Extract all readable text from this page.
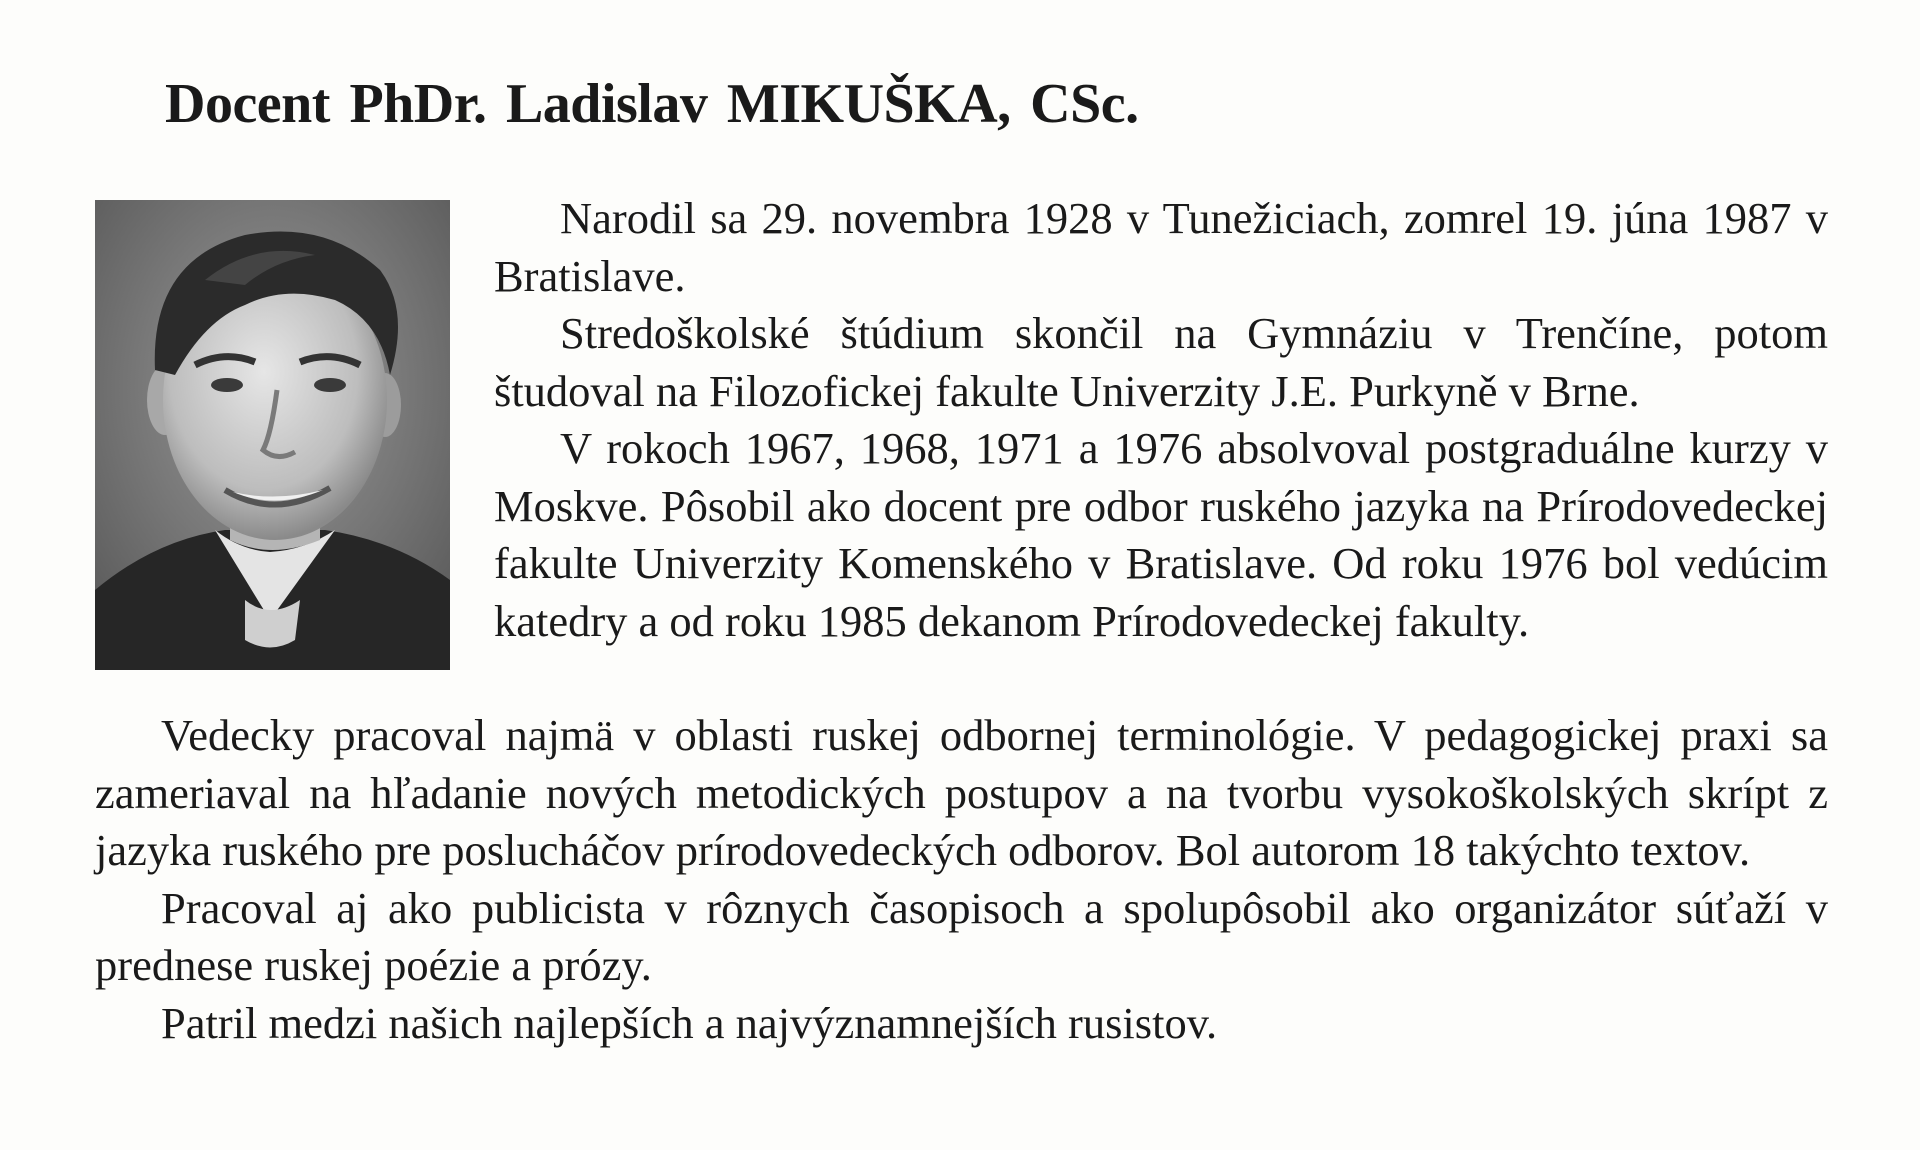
Docent PhDr. Ladislav MIKUŠKA, CSc.

Narodil sa 29. novembra 1928 v Tunežiciach, zomrel 19. júna 1987 v Bratislave.

Stredoškolské štúdium skončil na Gymnáziu v Trenčíne, potom študoval na Filozofickej fakulte Univerzity J.E. Purkyně v Brne.

V rokoch 1967, 1968, 1971 a 1976 absolvoval postgraduálne kurzy v Moskve. Pôsobil ako docent pre odbor ruského jazyka na Prírodovedeckej fakulte Univerzity Komenského v Bratislave. Od roku 1976 bol vedúcim katedry a od roku 1985 dekanom Prírodovedeckej fakulty.

Vedecky pracoval najmä v oblasti ruskej odbornej terminológie. V pedagogickej praxi sa zameriaval na hľadanie nových metodických postupov a na tvorbu vysokoškolských skrípt z jazyka ruského pre poslucháčov prírodovedeckých odborov. Bol autorom 18 takýchto textov.

Pracoval aj ako publicista v rôznych časopisoch a spolupôsobil ako organizátor súťaží v prednese ruskej poézie a prózy.

Patril medzi našich najlepších a najvýznamnejších rusistov.
